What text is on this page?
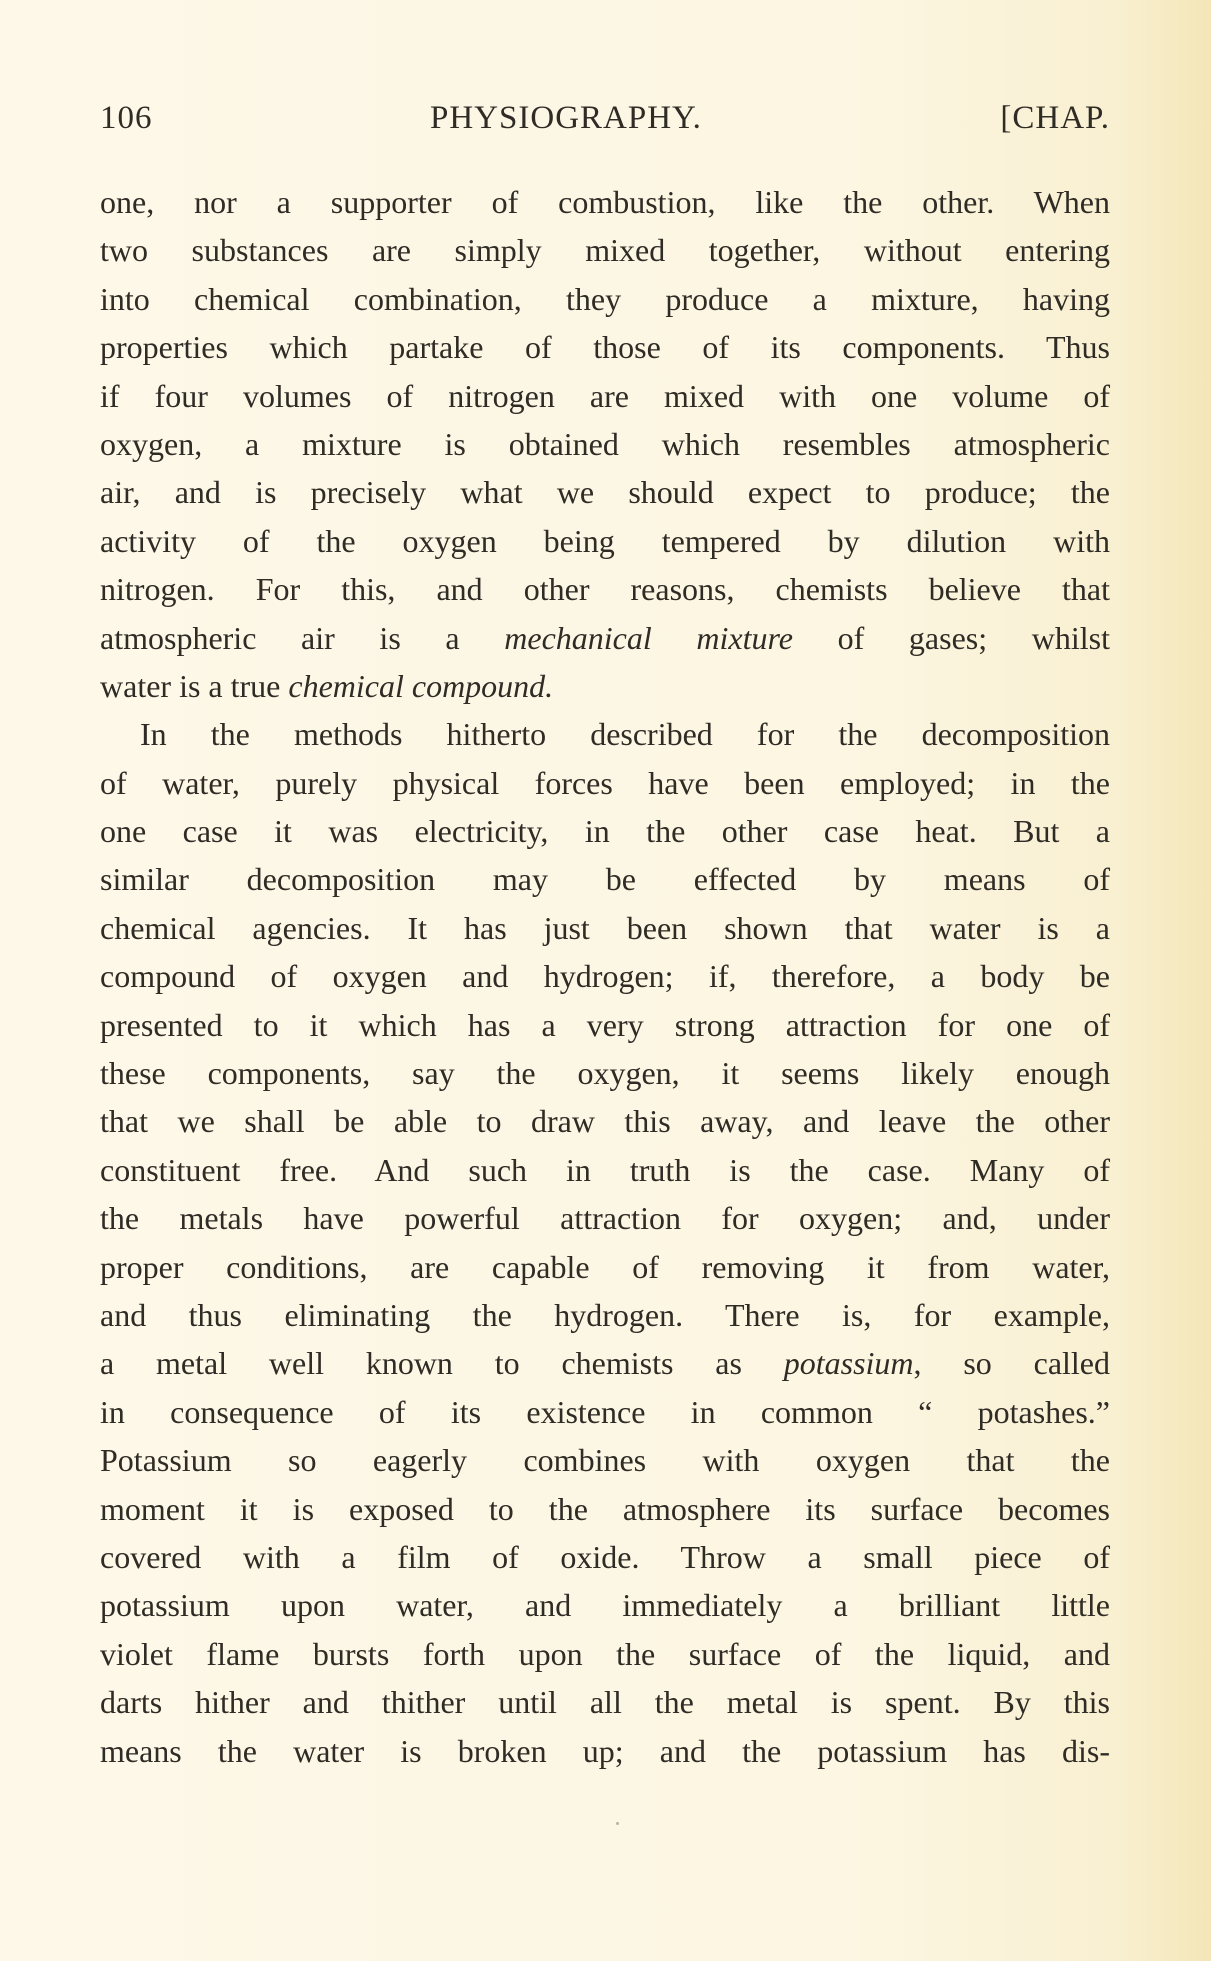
106	PHYSIOGRAPHY.	[CHAP.
one, nor a supporter of combustion, like the other. When
two substances are simply mixed together, without entering
into chemical combination, they produce a mixture, having
properties which partake of those of its components. Thus
if four volumes of nitrogen are mixed with one volume of
oxygen, a mixture is obtained which resembles atmospheric
air, and is precisely what we should expect to produce; the
activity of the oxygen being tempered by dilution with
nitrogen. For this, and other reasons, chemists believe that
atmospheric air is a mechanical mixture of gases; whilst
water is a true chemical compound.
In the methods hitherto described for the decomposition
of water, purely physical forces have been employed; in the
one case it was electricity, in the other case heat. But a
similar decomposition may be effected by means of
chemical agencies. It has just been shown that water is a
compound of oxygen and hydrogen; if, therefore, a body be
presented to it which has a very strong attraction for one of
these components, say the oxygen, it seems likely enough
that we shall be able to draw this away, and leave the other
constituent free. And such in truth is the case. Many of
the metals have powerful attraction for oxygen; and, under
proper conditions, are capable of removing it from water,
and thus eliminating the hydrogen. There is, for example,
a metal well known to chemists as potassium, so called
in consequence of its existence in common “ potashes.”
Potassium so eagerly combines with oxygen that the
moment it is exposed to the atmosphere its surface becomes
covered with a film of oxide. Throw a small piece of
potassium upon water, and immediately a brilliant little
violet flame bursts forth upon the surface of the liquid, and
darts hither and thither until all the metal is spent. By this
means the water is broken up; and the potassium has dis-
